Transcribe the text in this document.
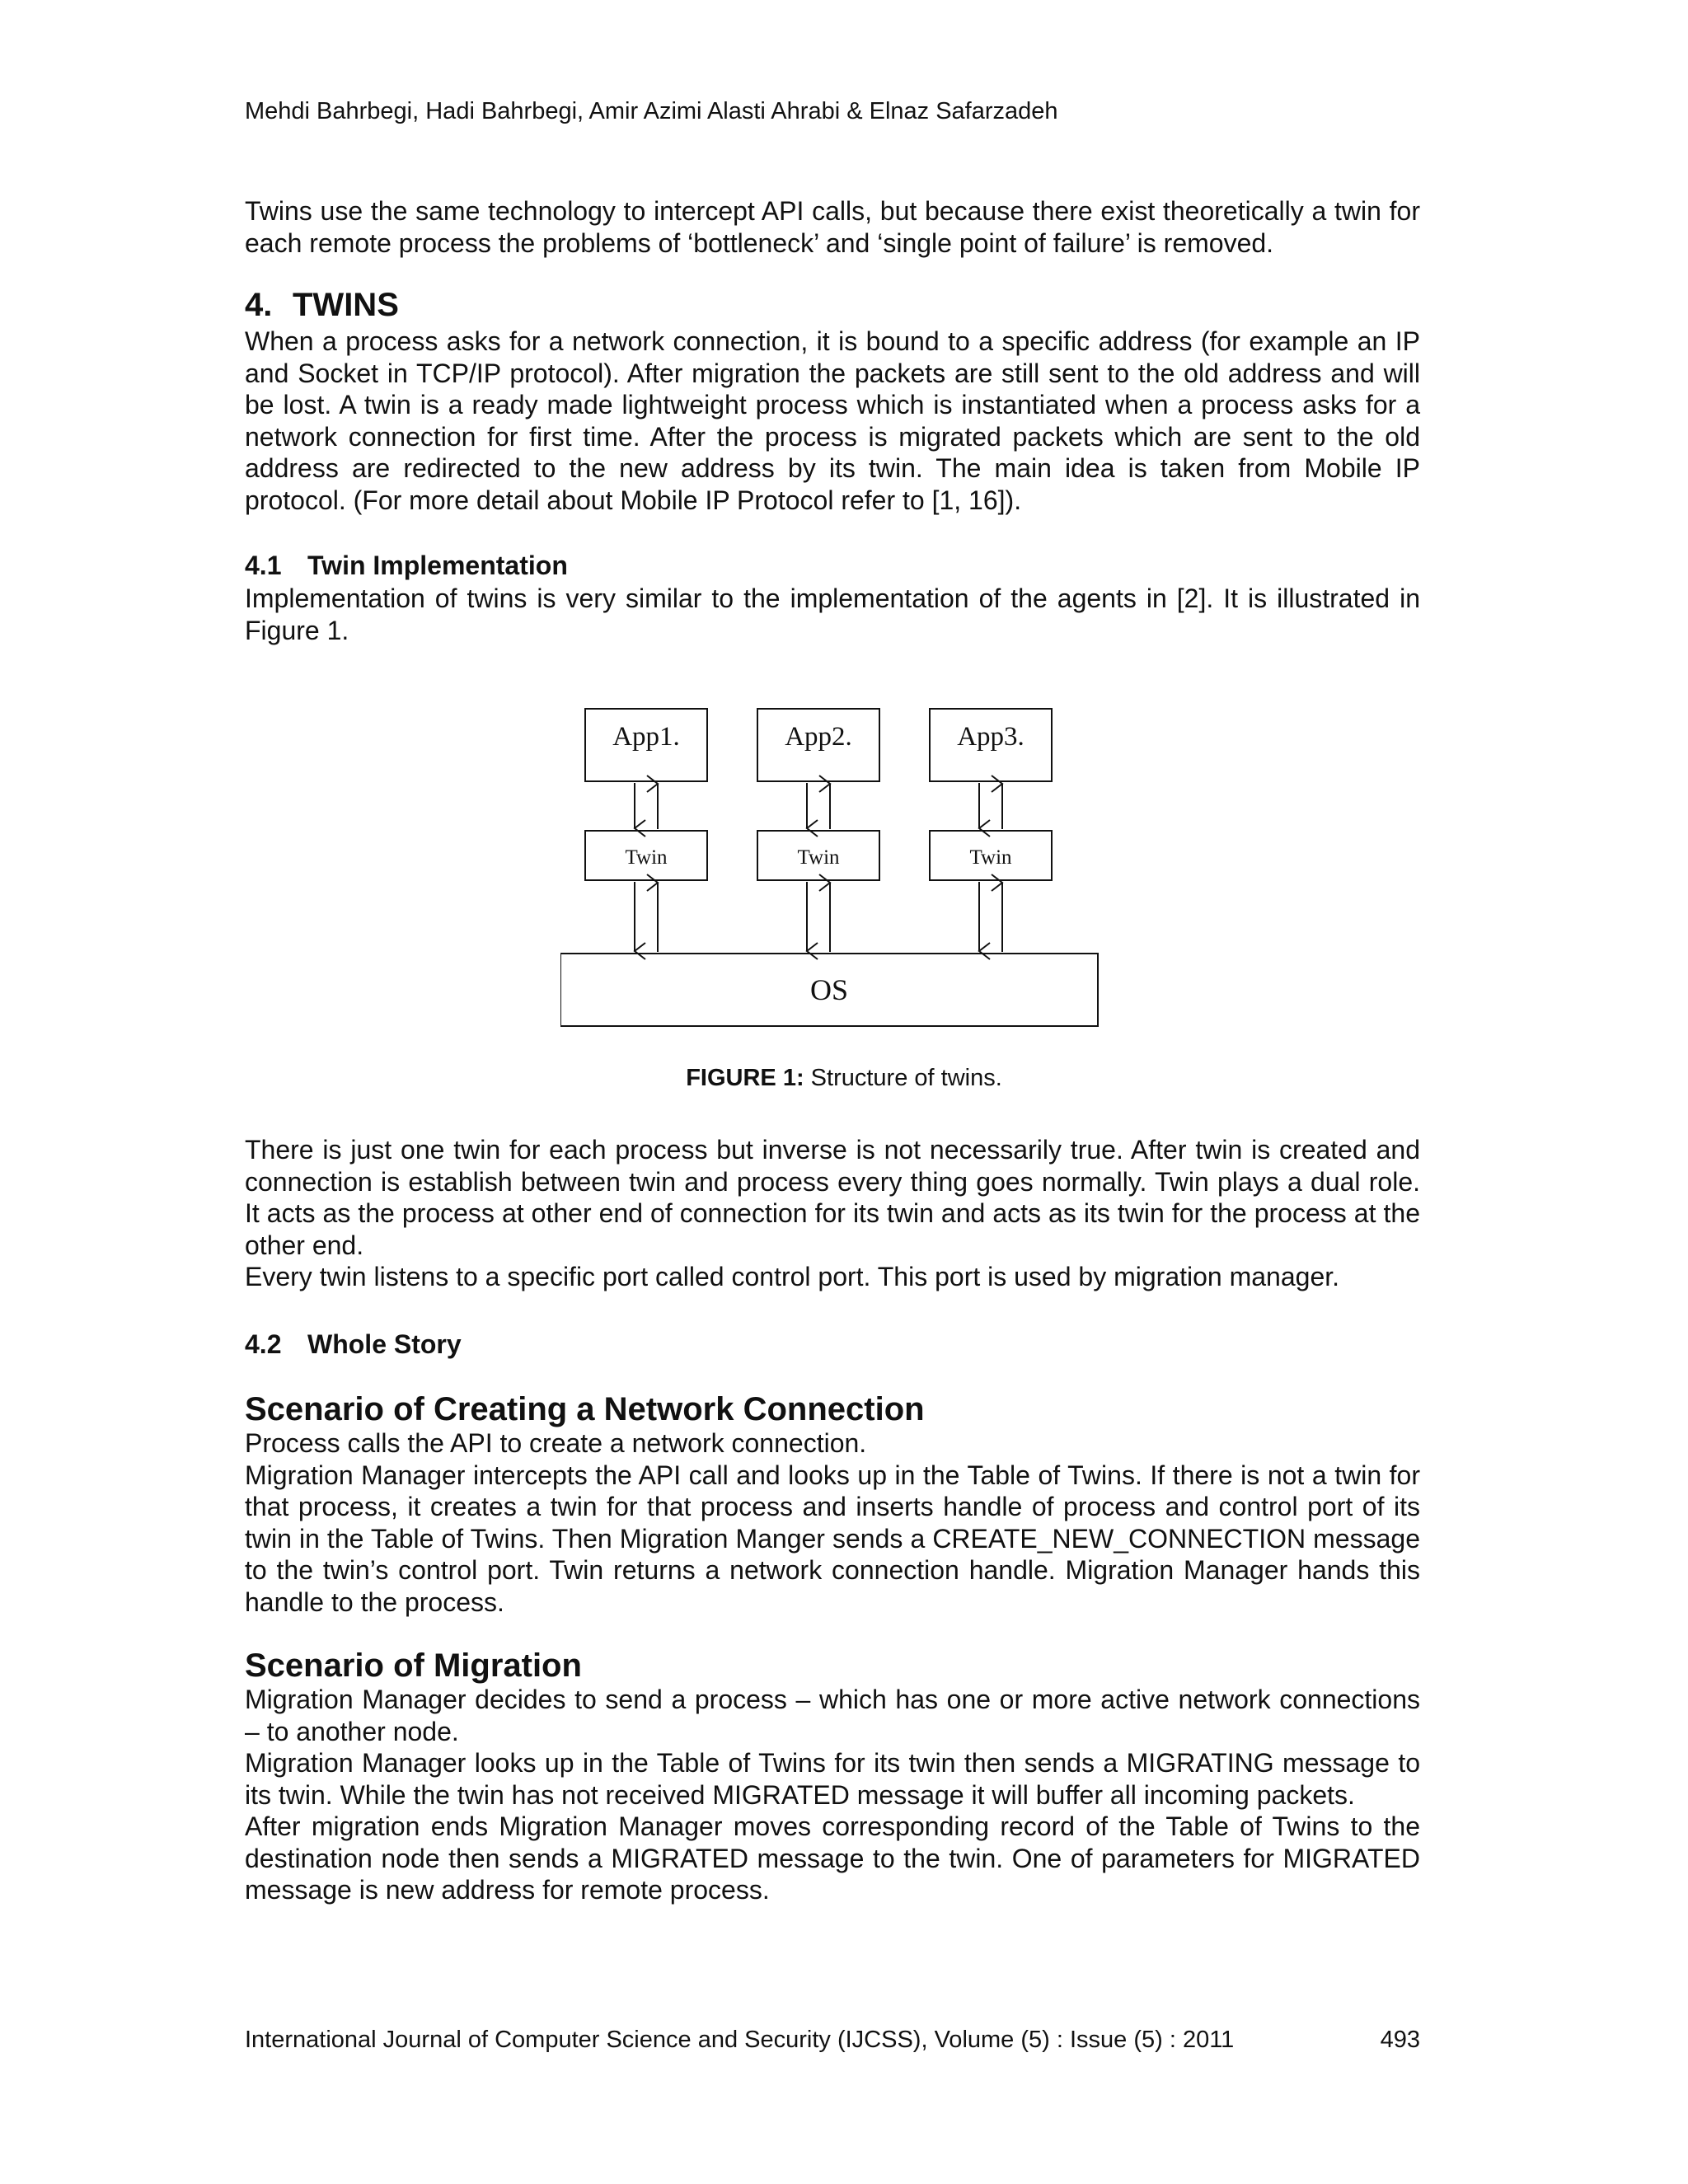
Mehdi Bahrbegi, Hadi Bahrbegi, Amir Azimi Alasti Ahrabi & Elnaz Safarzadeh

Twins use the same technology to intercept API calls, but because there exist theoretically a twin for each remote process the problems of ‘bottleneck’ and ‘single point of failure’ is removed.

4. TWINS

When a process asks for a network connection, it is bound to a specific address (for example an IP and Socket in TCP/IP protocol). After migration the packets are still sent to the old address and will be lost. A twin is a ready made lightweight process which is instantiated when a process asks for a network connection for first time. After the process is migrated packets which are sent to the old address are redirected to the new address by its twin. The main idea is taken from Mobile IP protocol. (For more detail about Mobile IP Protocol refer to [1, 16]).

4.1 Twin Implementation

Implementation of twins is very similar to the implementation of the agents in [2]. It is illustrated in Figure 1.

App1.	App2.	App3.
Twin	Twin	Twin
OS
FIGURE 1: Structure of twins.

There is just one twin for each process but inverse is not necessarily true. After twin is created and connection is establish between twin and process every thing goes normally. Twin plays a dual role. It acts as the process at other end of connection for its twin and acts as its twin for the process at the other end.

Every twin listens to a specific port called control port. This port is used by migration manager.

4.2 Whole Story
Scenario of Creating a Network Connection

Process calls the API to create a network connection.

Migration Manager intercepts the API call and looks up in the Table of Twins. If there is not a twin for that process, it creates a twin for that process and inserts handle of process and control port of its twin in the Table of Twins. Then Migration Manger sends a CREATE_NEW_CONNECTION message to the twin’s control port. Twin returns a network connection handle. Migration Manager hands this handle to the process.

Scenario of Migration

Migration Manager decides to send a process – which has one or more active network connections – to another node.

Migration Manager looks up in the Table of Twins for its twin then sends a MIGRATING message to its twin. While the twin has not received MIGRATED message it will buffer all incoming packets.

After migration ends Migration Manager moves corresponding record of the Table of Twins to the destination node then sends a MIGRATED message to the twin. One of parameters for MIGRATED message is new address for remote process.

International Journal of Computer Science and Security (IJCSS), Volume (5) : Issue (5) : 2011	493
